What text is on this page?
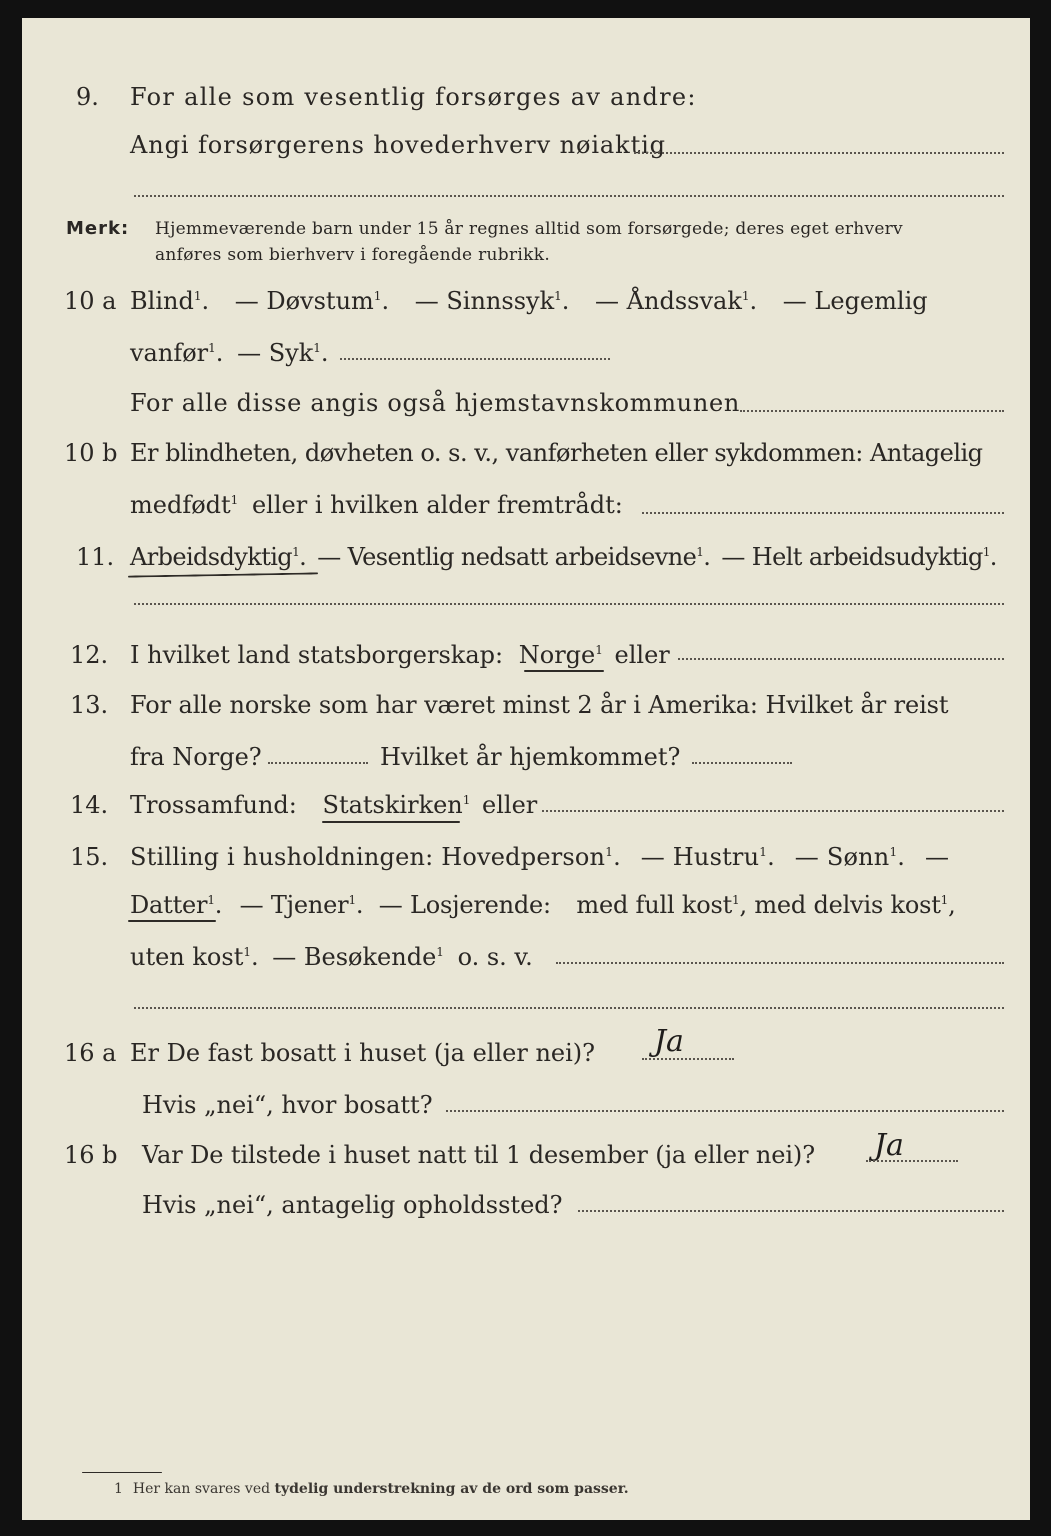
9. For alle som vesentlig forsørges av andre:
Angi forsørgerens hovederhverv nøiaktig
Merk: Hjemmeværende barn under 15 år regnes alltid som forsørgede; deres eget erhverv
anføres som bierhverv i foregående rubrikk.
10 a Blind$^1$. — Døvstum$^1$. — Sinnssyk$^1$. — Åndssvak$^1$. — Legemlig
vanfør$^1$. — Syk$^1$.
For alle disse angis også hjemstavnskommunen
10 b Er blindheten, døvheten o. s. v., vanførheten eller sykdommen: Antagelig
medfødt$^1$ eller i hvilken alder fremtrådt:
11. Arbeidsdyktig$^1$. — Vesentlig nedsatt arbeidsevne$^1$. — Helt arbeidsudyktig$^1$.
12. I hvilket land statsborgerskap: Norge$^1$ eller
13. For alle norske som har været minst 2 år i Amerika: Hvilket år reist
fra Norge?	Hvilket år hjemkommet?
14. Trossamfund: Statskirken$^1$ eller
15. Stilling i husholdningen: Hovedperson$^1$. — Hustru$^1$. — Sønn$^1$. —
Datter$^1$. — Tjener$^1$. — Losjerende: med full kost$^1$, med delvis kost$^1$,
uten kost$^1$. — Besøkende$^1$ o. s. v.
16 a Er De fast bosatt i huset (ja eller nei)? Ja
Hvis „nei“, hvor bosatt?
16 b Var De tilstede i huset natt til 1 desember (ja eller nei)? Ja
Hvis „nei“, antagelig opholdssted?
1 Her kan svares ved tydelig understrekning av de ord som passer.
